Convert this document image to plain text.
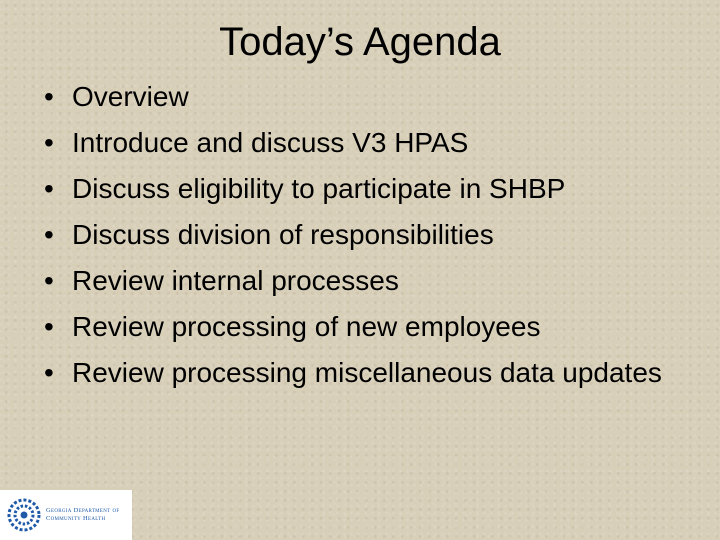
Today’s Agenda
• Overview
• Introduce and discuss V3 HPAS
• Discuss eligibility to participate in SHBP
• Discuss division of responsibilities
• Review internal processes
• Review processing of new employees
• Review processing miscellaneous data updates
Georgia Department of
Community Health
